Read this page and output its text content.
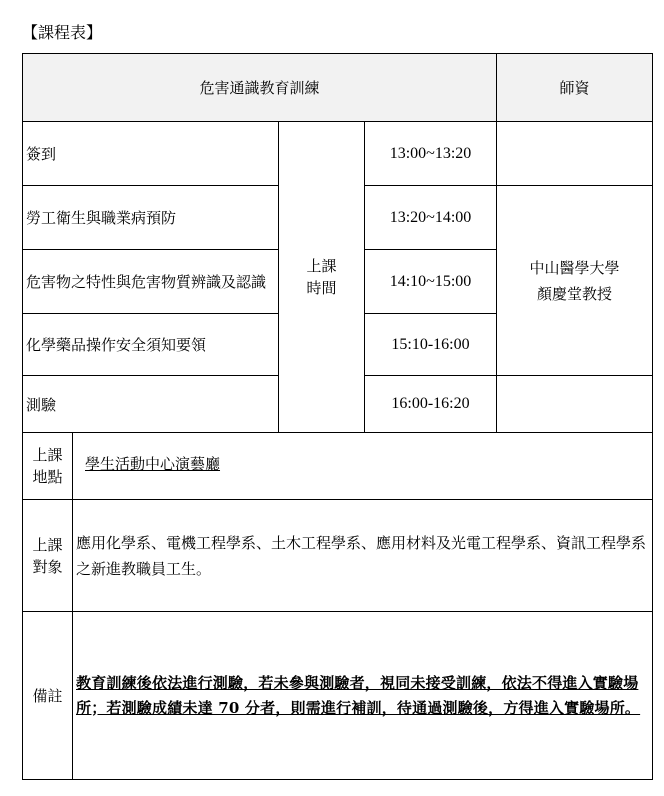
【課程表】
危害通識教育訓練	師資
簽到
勞工衛生與職業病預防
危害物之特性與危害物質辨識及認識
化學藥品操作安全須知要領
測驗
上課
時間
13:00~13:20
13:20~14:00
14:10~15:00
15:10-16:00
16:00-16:20
中山醫學大學
顏慶堂教授
上課
地點
學生活動中心演藝廳
上課
對象
應用化學系、電機工程學系、土木工程學系、應用材料及光電工程學系、資訊工程學系之新進教職員工生。
備註
教育訓練後依法進行測驗，若未參與測驗者，視同未接受訓練，依法不得進入實驗場所；若測驗成績未達 70 分者，則需進行補訓，待通過測驗後，方得進入實驗場所。
